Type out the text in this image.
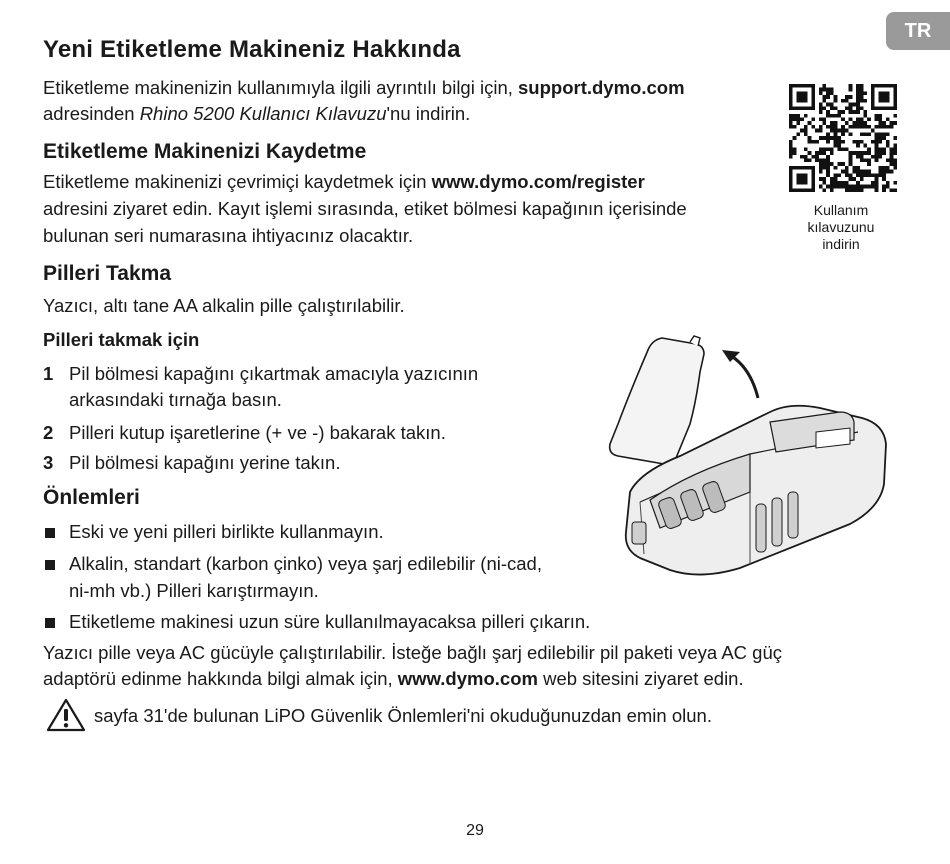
TR
Yeni Etiketleme Makineniz Hakkında

Etiketleme makinenizin kullanımıyla ilgili ayrıntılı bilgi için, support.dymo.com

adresinden Rhino 5200 Kullanıcı Kılavuzu'nu indirin.

Etiketleme Makinenizi Kaydetme

Etiketleme makinenizi çevrimiçi kaydetmek için www.dymo.com/register

adresini ziyaret edin. Kayıt işlemi sırasında, etiket bölmesi kapağının içerisinde

bulunan seri numarasına ihtiyacınız olacaktır.

Kullanım
kılavuzunu
indirin
Pilleri Takma

Yazıcı, altı tane AA alkalin pille çalıştırılabilir.

Pilleri takmak için
1 Pil bölmesi kapağını çıkartmak amacıyla yazıcının
arkasındaki tırnağa basın.
2 Pilleri kutup işaretlerine (+ ve -) bakarak takın.
3 Pil bölmesi kapağını yerine takın.
Önlemleri
Eski ve yeni pilleri birlikte kullanmayın.
Alkalin, standart (karbon çinko) veya şarj edilebilir (ni-cad,
ni-mh vb.) Pilleri karıştırmayın.
Etiketleme makinesi uzun süre kullanılmayacaksa pilleri çıkarın.

Yazıcı pille veya AC gücüyle çalıştırılabilir. İsteğe bağlı şarj edilebilir pil paketi veya AC güç

adaptörü edinme hakkında bilgi almak için, www.dymo.com web sitesini ziyaret edin.

sayfa 31'de bulunan LiPO Güvenlik Önlemleri'ni okuduğunuzdan emin olun.

29
